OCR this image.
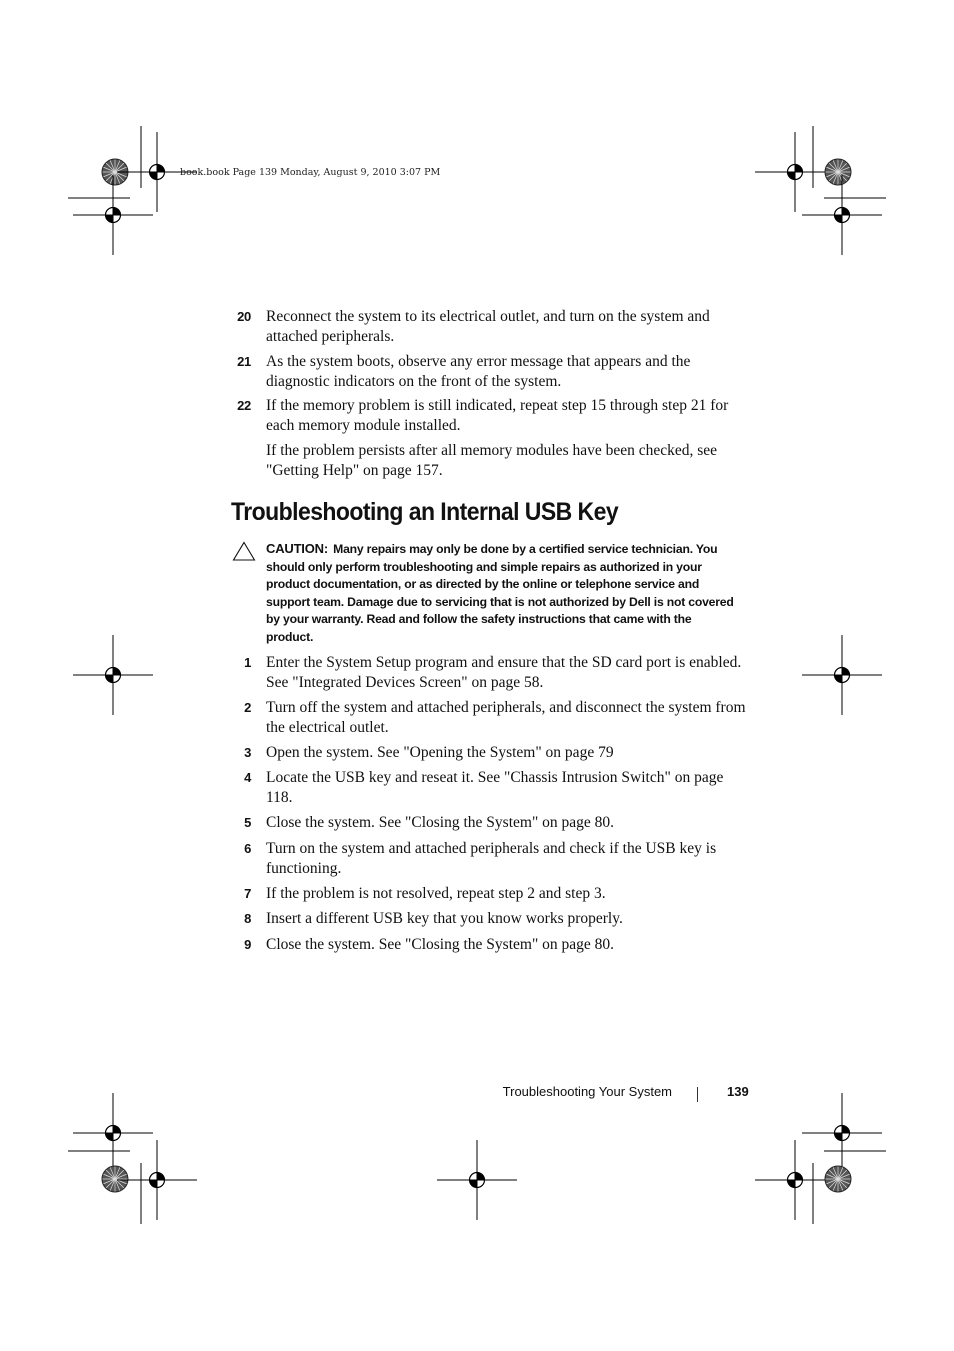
book.book Page 139 Monday, August 9, 2010 3:07 PM
20 Reconnect the system to its electrical outlet, and turn on the system and attached peripherals.
21 As the system boots, observe any error message that appears and the diagnostic indicators on the front of the system.
22 If the memory problem is still indicated, repeat step 15 through step 21 for each memory module installed.
If the problem persists after all memory modules have been checked, see "Getting Help" on page 157.
Troubleshooting an Internal USB Key
CAUTION: Many repairs may only be done by a certified service technician. You should only perform troubleshooting and simple repairs as authorized in your product documentation, or as directed by the online or telephone service and support team. Damage due to servicing that is not authorized by Dell is not covered by your warranty. Read and follow the safety instructions that came with the product.
1 Enter the System Setup program and ensure that the SD card port is enabled. See "Integrated Devices Screen" on page 58.
2 Turn off the system and attached peripherals, and disconnect the system from the electrical outlet.
3 Open the system. See "Opening the System" on page 79
4 Locate the USB key and reseat it. See "Chassis Intrusion Switch" on page 118.
5 Close the system. See "Closing the System" on page 80.
6 Turn on the system and attached peripherals and check if the USB key is functioning.
7 If the problem is not resolved, repeat step 2 and step 3.
8 Insert a different USB key that you know works properly.
9 Close the system. See "Closing the System" on page 80.
Troubleshooting Your System	139
